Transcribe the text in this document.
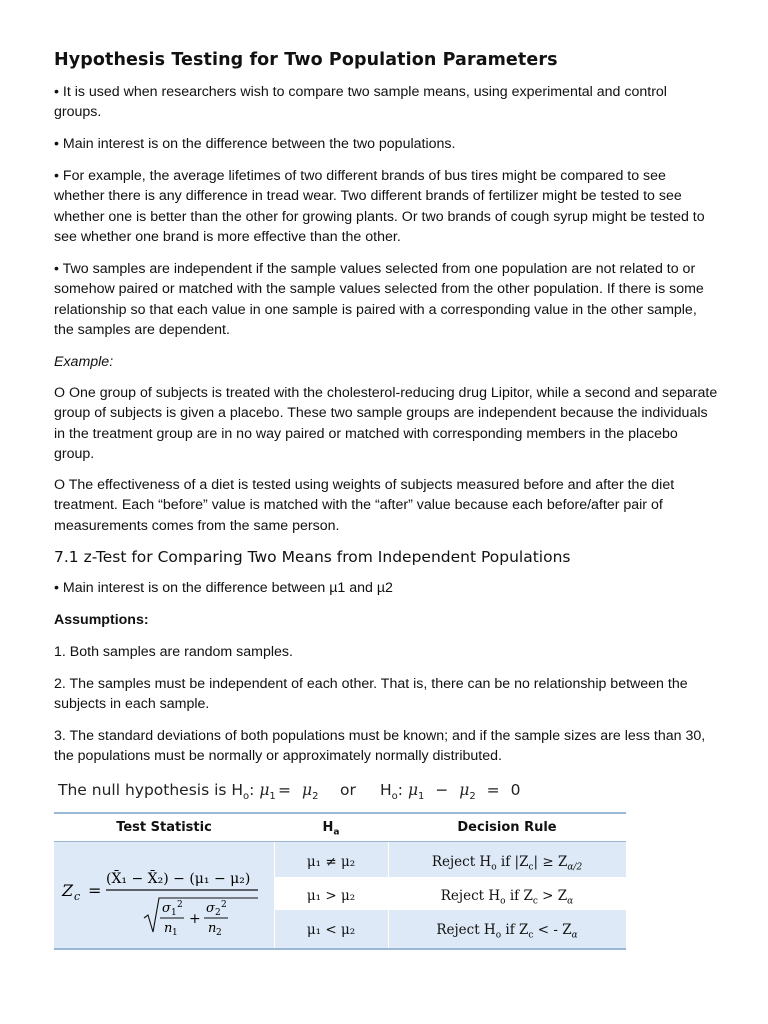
Hypothesis Testing for Two Population Parameters

• It is used when researchers wish to compare two sample means, using experimental and control groups.

• Main interest is on the difference between the two populations.

• For example, the average lifetimes of two different brands of bus tires might be compared to see whether there is any difference in tread wear. Two different brands of fertilizer might be tested to see whether one is better than the other for growing plants. Or two brands of cough syrup might be tested to see whether one brand is more effective than the other.

• Two samples are independent if the sample values selected from one population are not related to or somehow paired or matched with the sample values selected from the other population. If there is some relationship so that each value in one sample is paired with a corresponding value in the other sample, the samples are dependent.

Example:

O One group of subjects is treated with the cholesterol-reducing drug Lipitor, while a second and separate group of subjects is given a placebo. These two sample groups are independent because the individuals in the treatment group are in no way paired or matched with corresponding members in the placebo group.

O The effectiveness of a diet is tested using weights of subjects measured before and after the diet treatment. Each “before” value is matched with the “after” value because each before/after pair of measurements comes from the same person.

7.1 z-Test for Comparing Two Means from Independent Populations

• Main interest is on the difference between µ1 and µ2

Assumptions:

1. Both samples are random samples.

2. The samples must be independent of each other. That is, there can be no relationship between the subjects in each sample.

3. The standard deviations of both populations must be known; and if the sample sizes are less than 30, the populations must be normally or approximately normally distributed.

The null hypothesis is $H_o$: $\mu_1 = \mu_2$ or $H_o$: $\mu_1 - \mu_2 = 0$
Test Statistic	$H_a$	Decision Rule
Z c =
(X̄₁ − X̄₂) − (μ₁ − μ₂)
σ 1
2
n 1
+
σ 2
2
n 2
μ₁ ≠ μ₂	Reject $H_o$ if $|Z_c| \ge Z_{\alpha/2}$
μ₁ > μ₂	Reject $H_o$ if $Z_c > Z_\alpha$
μ₁ < μ₂	Reject $H_o$ if $Z_c$ < - $Z_\alpha$
